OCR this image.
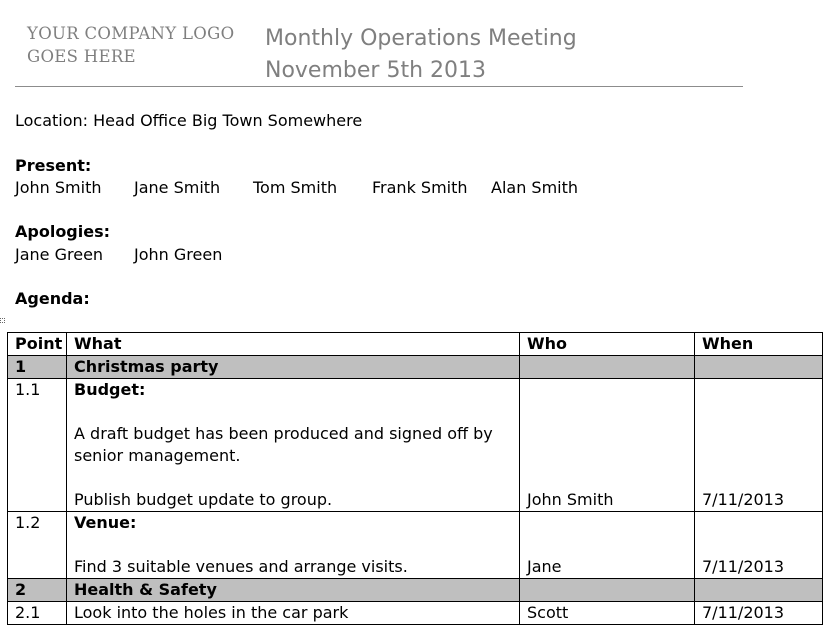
YOUR COMPANY LOGO
GOES HERE
Monthly Operations Meeting
November 5th 2013
Location: Head Office Big Town Somewhere
Present:
John Smith Jane Smith Tom Smith Frank Smith Alan Smith
Apologies:
Jane Green John Green
Agenda:
Point	What	Who	When
1	Christmas party		
1.1	Budget:
A draft budget has been produced and signed off by senior management.
Publish budget update to group.	John Smith	7/11/2013

1.2	Venue:
Find 3 suitable venues and arrange visits.	Jane	7/11/2013

2	Health & Safety		
2.1	Look into the holes in the car park	Scott	7/11/2013
